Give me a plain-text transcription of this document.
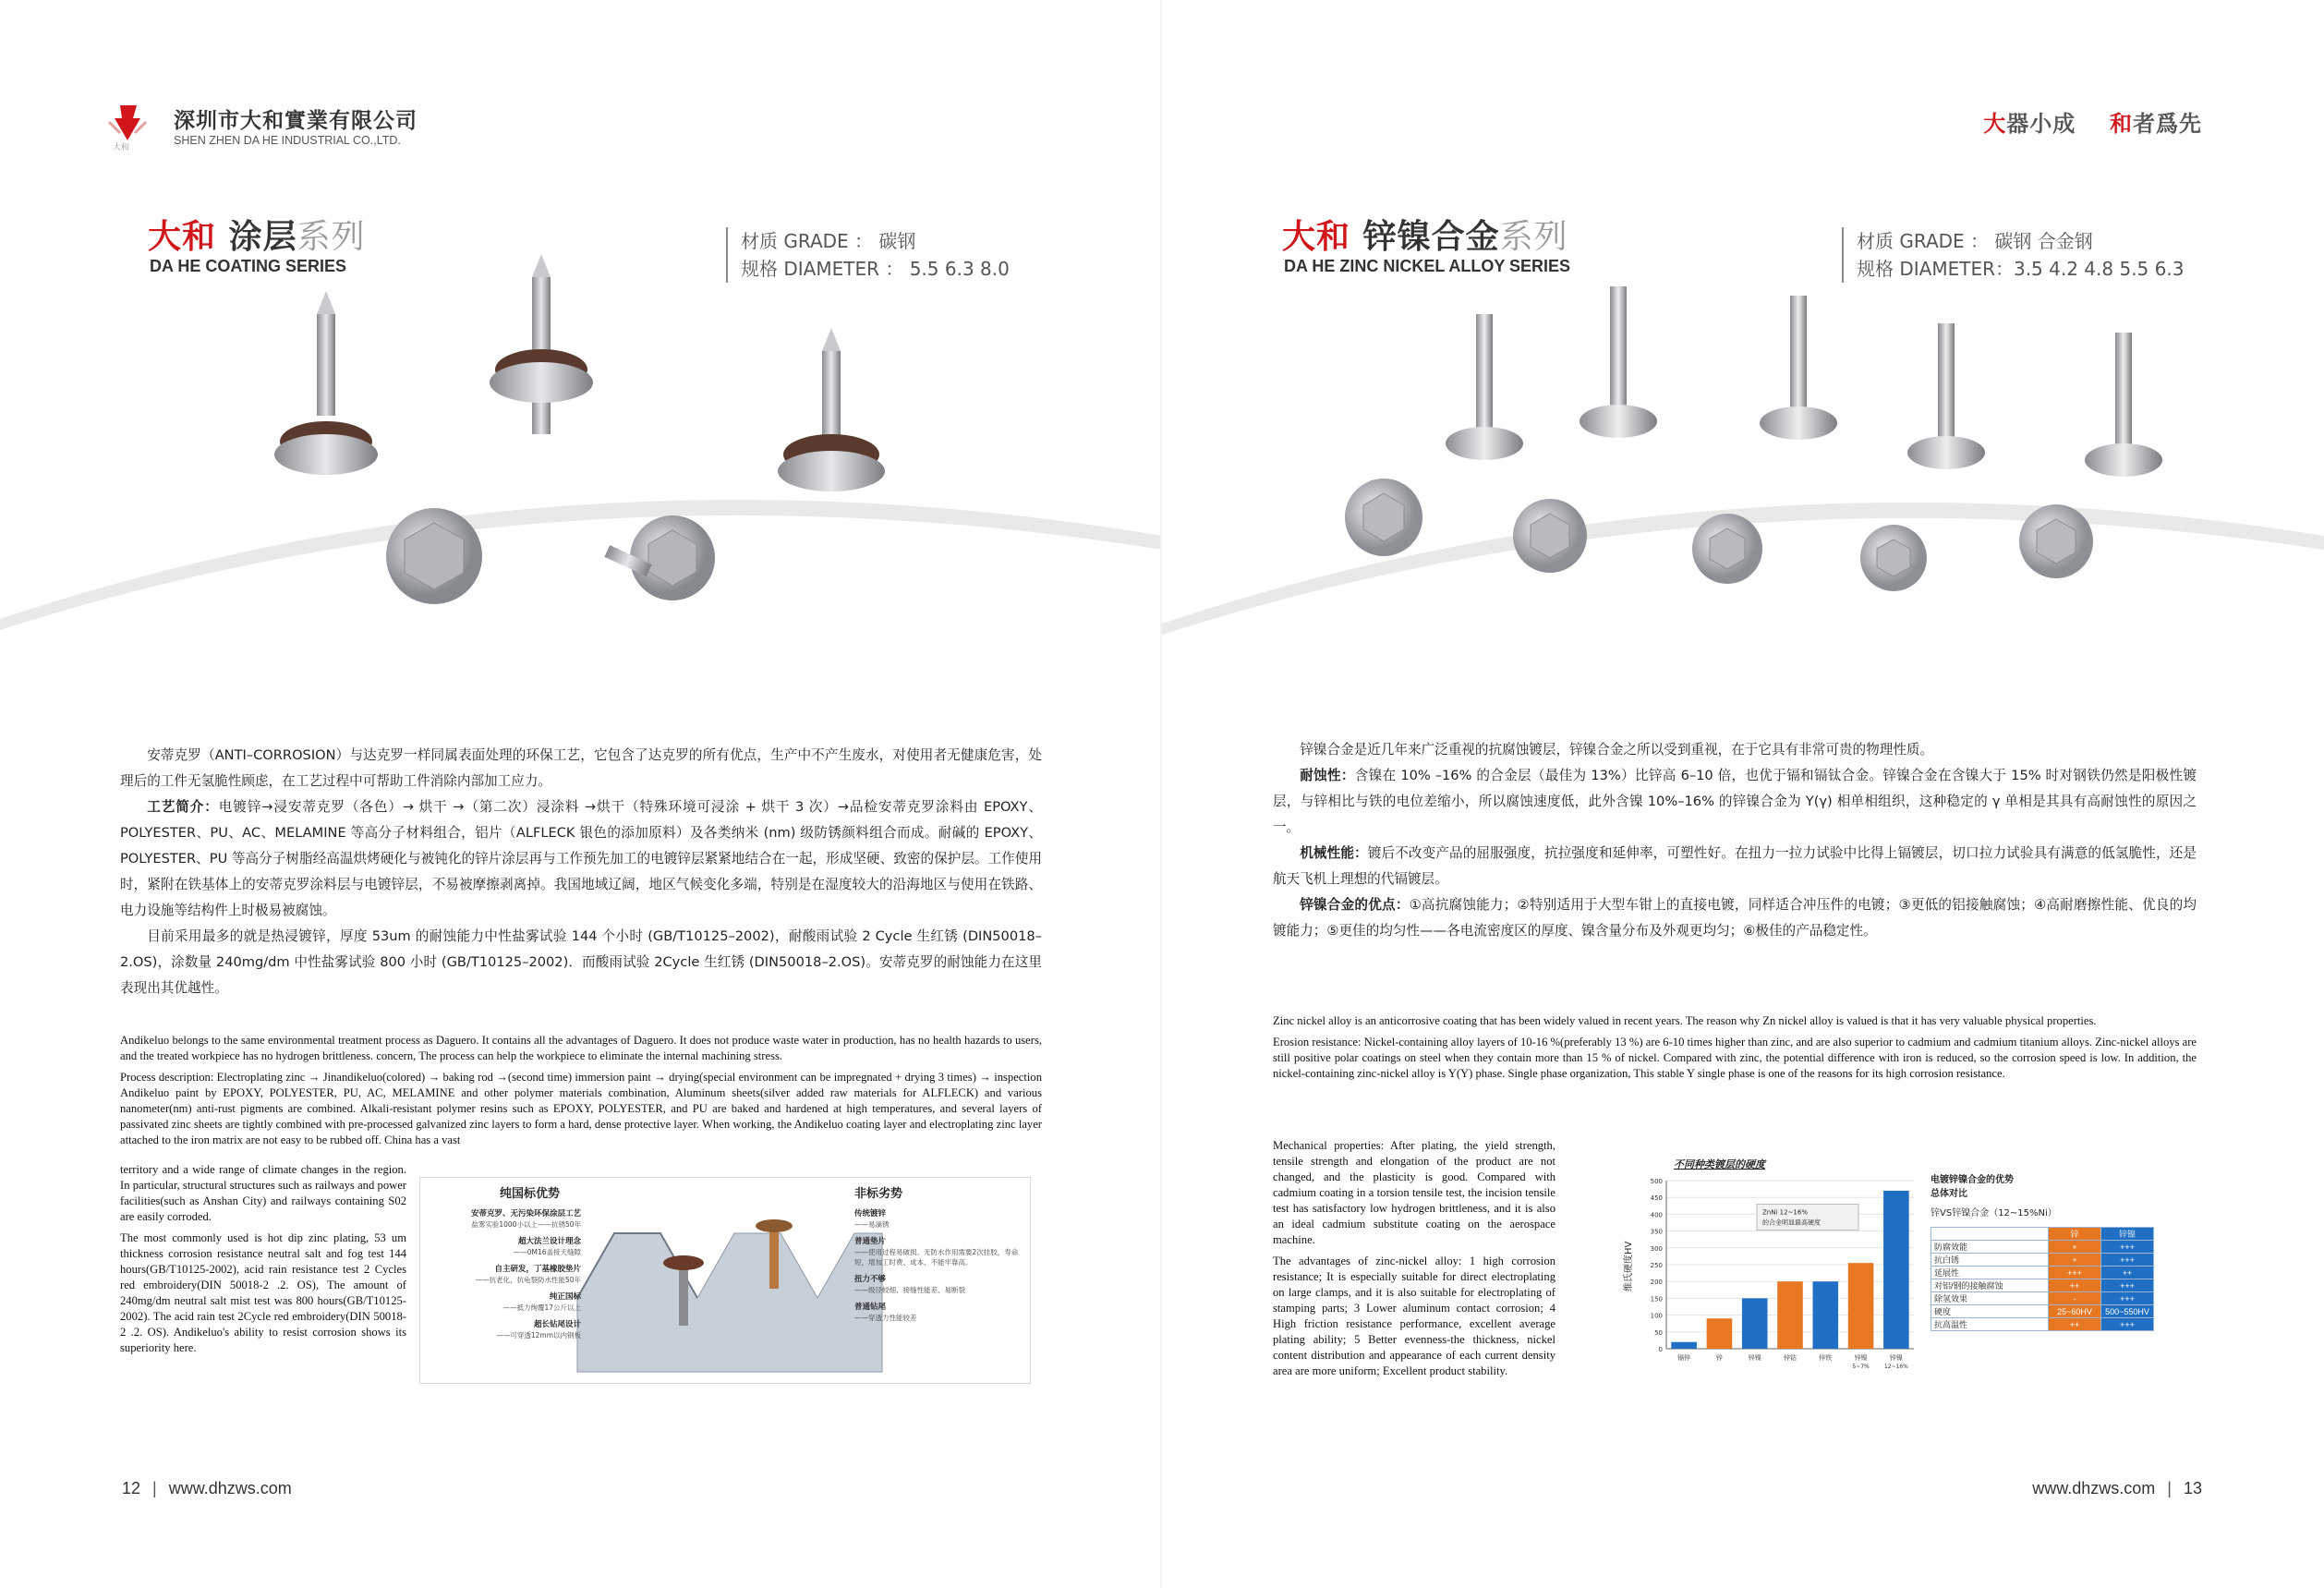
大和
深圳市大和實業有限公司
SHEN ZHEN DA HE INDUSTRIAL CO.,LTD.
大和 涂层系列
DA HE COATING SERIES
材质 GRADE ： 碳钢
规格 DIAMETER ： 5.5 6.3 8.0

安蒂克罗（ANTI–CORROSION）与达克罗一样同属表面处理的环保工艺，它包含了达克罗的所有优点，生产中不产生废水，对使用者无健康危害，处理后的工件无氢脆性顾虑，在工艺过程中可帮助工件消除内部加工应力。

工艺简介：电镀锌→浸安蒂克罗（各色）→ 烘干 →（第二次）浸涂料 →烘干（特殊环境可浸涂 + 烘干 3 次）→品检安蒂克罗涂料由 EPOXY、POLYESTER、PU、AC、MELAMINE 等高分子材料组合，铝片（ALFLECK 银色的添加原料）及各类纳米 (nm) 级防锈颜料组合而成。耐碱的 EPOXY、POLYESTER、PU 等高分子树脂经高温烘烤硬化与被钝化的锌片涂层再与工作预先加工的电镀锌层紧紧地结合在一起，形成坚硬、致密的保护层。工作使用时，紧附在铁基体上的安蒂克罗涂料层与电镀锌层，不易被摩擦剥离掉。我国地域辽阔，地区气候变化多端，特别是在湿度较大的沿海地区与使用在铁路、电力设施等结构件上时极易被腐蚀。

目前采用最多的就是热浸镀锌，厚度 53um 的耐蚀能力中性盐雾试验 144 个小时 (GB/T10125–2002)，耐酸雨试验 2 Cycle 生红锈 (DIN50018–2.OS)，涂数量 240mg/dm 中性盐雾试验 800 小时 (GB/T10125–2002)．而酸雨试验 2Cycle 生红锈 (DIN50018–2.OS)。安蒂克罗的耐蚀能力在这里表现出其优越性。

Andikeluo belongs to the same environmental treatment process as Daguero. It contains all the advantages of Daguero. It does not produce waste water in production, has no health hazards to users, and the treated workpiece has no hydrogen brittleness. concern, The process can help the workpiece to eliminate the internal machining stress.

Process description: Electroplating zinc → Jinandikeluo(colored) → baking rod →(second time) immersion paint → drying(special environment can be impregnated + drying 3 times) → inspection Andikeluo paint by EPOXY, POLYESTER, PU, AC, MELAMINE and other polymer materials combination, Aluminum sheets(silver added raw materials for ALFLECK) and various nanometer(nm) anti-rust pigments are combined. Alkali-resistant polymer resins such as EPOXY, POLYESTER, and PU are baked and hardened at high temperatures, and several layers of passivated zinc sheets are tightly combined with pre-processed galvanized zinc layers to form a hard, dense protective layer. When working, the Andikeluo coating layer and electroplating zinc layer attached to the iron matrix are not easy to be rubbed off. China has a vast

territory and a wide range of climate changes in the region. In particular, structural structures such as railways and power facilities(such as Anshan City) and railways containing S02 are easily corroded.

The most commonly used is hot dip zinc plating, 53 um thickness corrosion resistance neutral salt and fog test 144 hours(GB/T10125-2002), acid rain resistance test 2 Cycles red embroidery(DIN 50018-2 .2. OS), The amount of 240mg/dm neutral salt mist test was 800 hours(GB/T10125-2002). The acid rain test 2Cycle red embroidery(DIN 50018-2 .2. OS). Andikeluo's ability to resist corrosion shows its superiority here.

纯国标优势	非标劣势
安蒂克罗、无污染环保涂层工艺
盐雾实验1000小以上——抗锈50年
超大法兰设计理念
——0M16盖接天缝隙
自主研发，丁基橡胶垫片
——抗老化，抗龟裂防水性能50年
纯正国标
——抵力绚覆17公斤以上
超长钻尾设计
——可穿透12mm以内钢板
传统镀锌
——易滴锈
普通垫片
——使用过程易破损、无防水作用需要2次挂胶，寿命短，增加工时费、成本、不能牢靠高。
扭力不够
——级径较细、接缝性能差、易断裂
普通钻尾
——穿透力性能较差
12 | www.dhzws.com
大器小成 和者爲先
大和 锌镍合金系列
DA HE ZINC NICKEL ALLOY SERIES
材质 GRADE ： 碳钢 合金钢
规格 DIAMETER：3.5 4.2 4.8 5.5 6.3

锌镍合金是近几年来广泛重视的抗腐蚀镀层，锌镍合金之所以受到重视，在于它具有非常可贵的物理性质。

耐蚀性：含镍在 10% –16% 的合金层（最佳为 13%）比锌高 6–10 倍，也优于镉和镉钛合金。锌镍合金在含镍大于 15% 时对钢铁仍然是阳极性镀层，与锌相比与铁的电位差缩小，所以腐蚀速度低，此外含镍 10%–16% 的锌镍合金为 Y(γ) 相单相组织，这种稳定的 γ 单相是其具有高耐蚀性的原因之一。

机械性能：镀后不改变产品的屈服强度，抗拉强度和延伸率，可塑性好。在扭力一拉力试验中比得上镉镀层，切口拉力试验具有满意的低氢脆性，还是航天飞机上理想的代镉镀层。

锌镍合金的优点：①高抗腐蚀能力；②特别适用于大型车钳上的直接电镀，同样适合冲压件的电镀；③更低的铝接触腐蚀；④高耐磨擦性能、优良的均镀能力；⑤更佳的均匀性——各电流密度区的厚度、镍含量分布及外观更均匀；⑥极佳的产品稳定性。

Zinc nickel alloy is an anticorrosive coating that has been widely valued in recent years. The reason why Zn nickel alloy is valued is that it has very valuable physical properties.

Erosion resistance: Nickel-containing alloy layers of 10-16 %(preferably 13 %) are 6-10 times higher than zinc, and are also superior to cadmium and cadmium titanium alloys. Zinc-nickel alloys are still positive polar coatings on steel when they contain more than 15 % of nickel. Compared with zinc, the potential difference with iron is reduced, so the corrosion speed is low. In addition, the nickel-containing zinc-nickel alloy is Y(Y) phase. Single phase organization, This stable Y single phase is one of the reasons for its high corrosion resistance.

Mechanical properties: After plating, the yield strength, tensile strength and elongation of the product are not changed, and the plasticity is good. Compared with cadmium coating in a torsion tensile test, the incision tensile test has satisfactory low hydrogen brittleness, and it is also an ideal cadmium substitute coating on the aerospace machine.

The advantages of zinc-nickel alloy: 1 high corrosion resistance; It is especially suitable for direct electroplating on large clamps, and it is also suitable for electroplating of stamping parts; 3 Lower aluminum contact corrosion; 4 High friction resistance performance, excellent average plating ability; 5 Better evenness-the thickness, nickel content distribution and appearance of each current density area are more uniform; Excellent product stability.

www.dhzws.com | 13
不同种类镀层的硬度
维氏硬度HV
0
50
100
150
200
250
300
350
400
450
500
镉锌	锌	锌镍	锌钴	锌铁	锌镍
5~7%
锌镍
12~16%
ZnNi 12~16%
的合金明显最高硬度
电镀锌镍合金的优势
总体对比
锌VS锌镍合金（12~15%Ni）
	锌	锌镍
防腐效能	+	+++
抗白锈	+	+++
延展性	+++	++
对铝/钢的接触腐蚀	++	+++
除氢效果	-	+++
硬度	25~60HV	500~550HV
抗高温性	++	+++
